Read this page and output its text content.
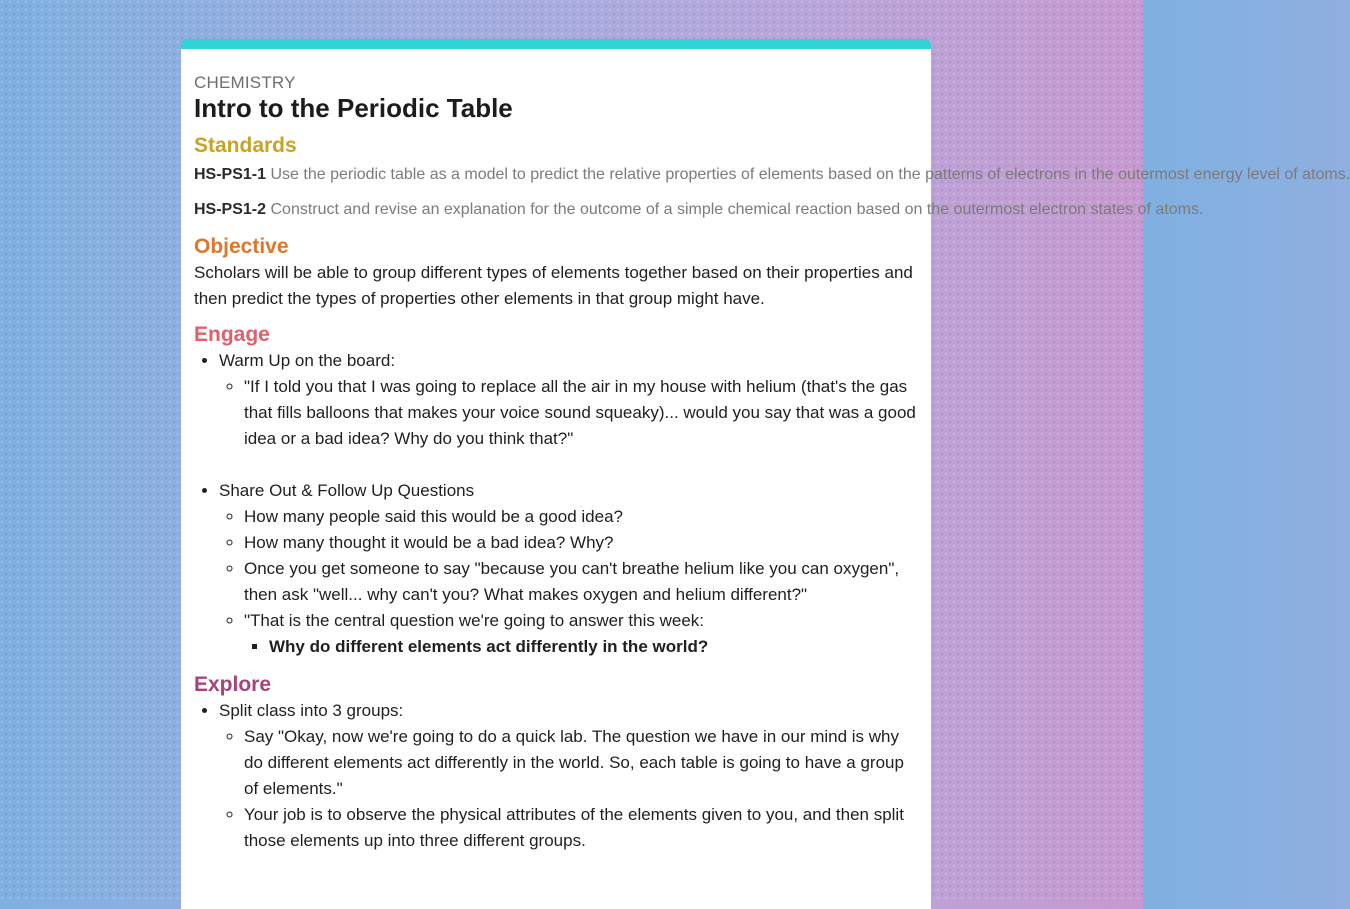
CHEMISTRY
Intro to the Periodic Table
Standards
HS-PS1-1 Use the periodic table as a model to predict the relative properties of elements based on the patterns of electrons in the outermost energy level of atoms.
HS-PS1-2 Construct and revise an explanation for the outcome of a simple chemical reaction based on the outermost electron states of atoms.
Objective
Scholars will be able to group different types of elements together based on their properties and then predict the types of properties other elements in that group might have.
Engage
• Warm Up on the board:
◦ "If I told you that I was going to replace all the air in my house with helium (that's the gas that fills balloons that makes your voice sound squeaky)... would you say that was a good idea or a bad idea? Why do you think that?"
• Share Out & Follow Up Questions
◦ How many people said this would be a good idea?
◦ How many thought it would be a bad idea? Why?
◦ Once you get someone to say "because you can't breathe helium like you can oxygen", then ask "well... why can't you? What makes oxygen and helium different?"
◦ "That is the central question we're going to answer this week:
▪ Why do different elements act differently in the world?
Explore
• Split class into 3 groups:
◦ Say "Okay, now we're going to do a quick lab. The question we have in our mind is why do different elements act differently in the world. So, each table is going to have a group of elements."
◦ Your job is to observe the physical attributes of the elements given to you, and then split those elements up into three different groups.
